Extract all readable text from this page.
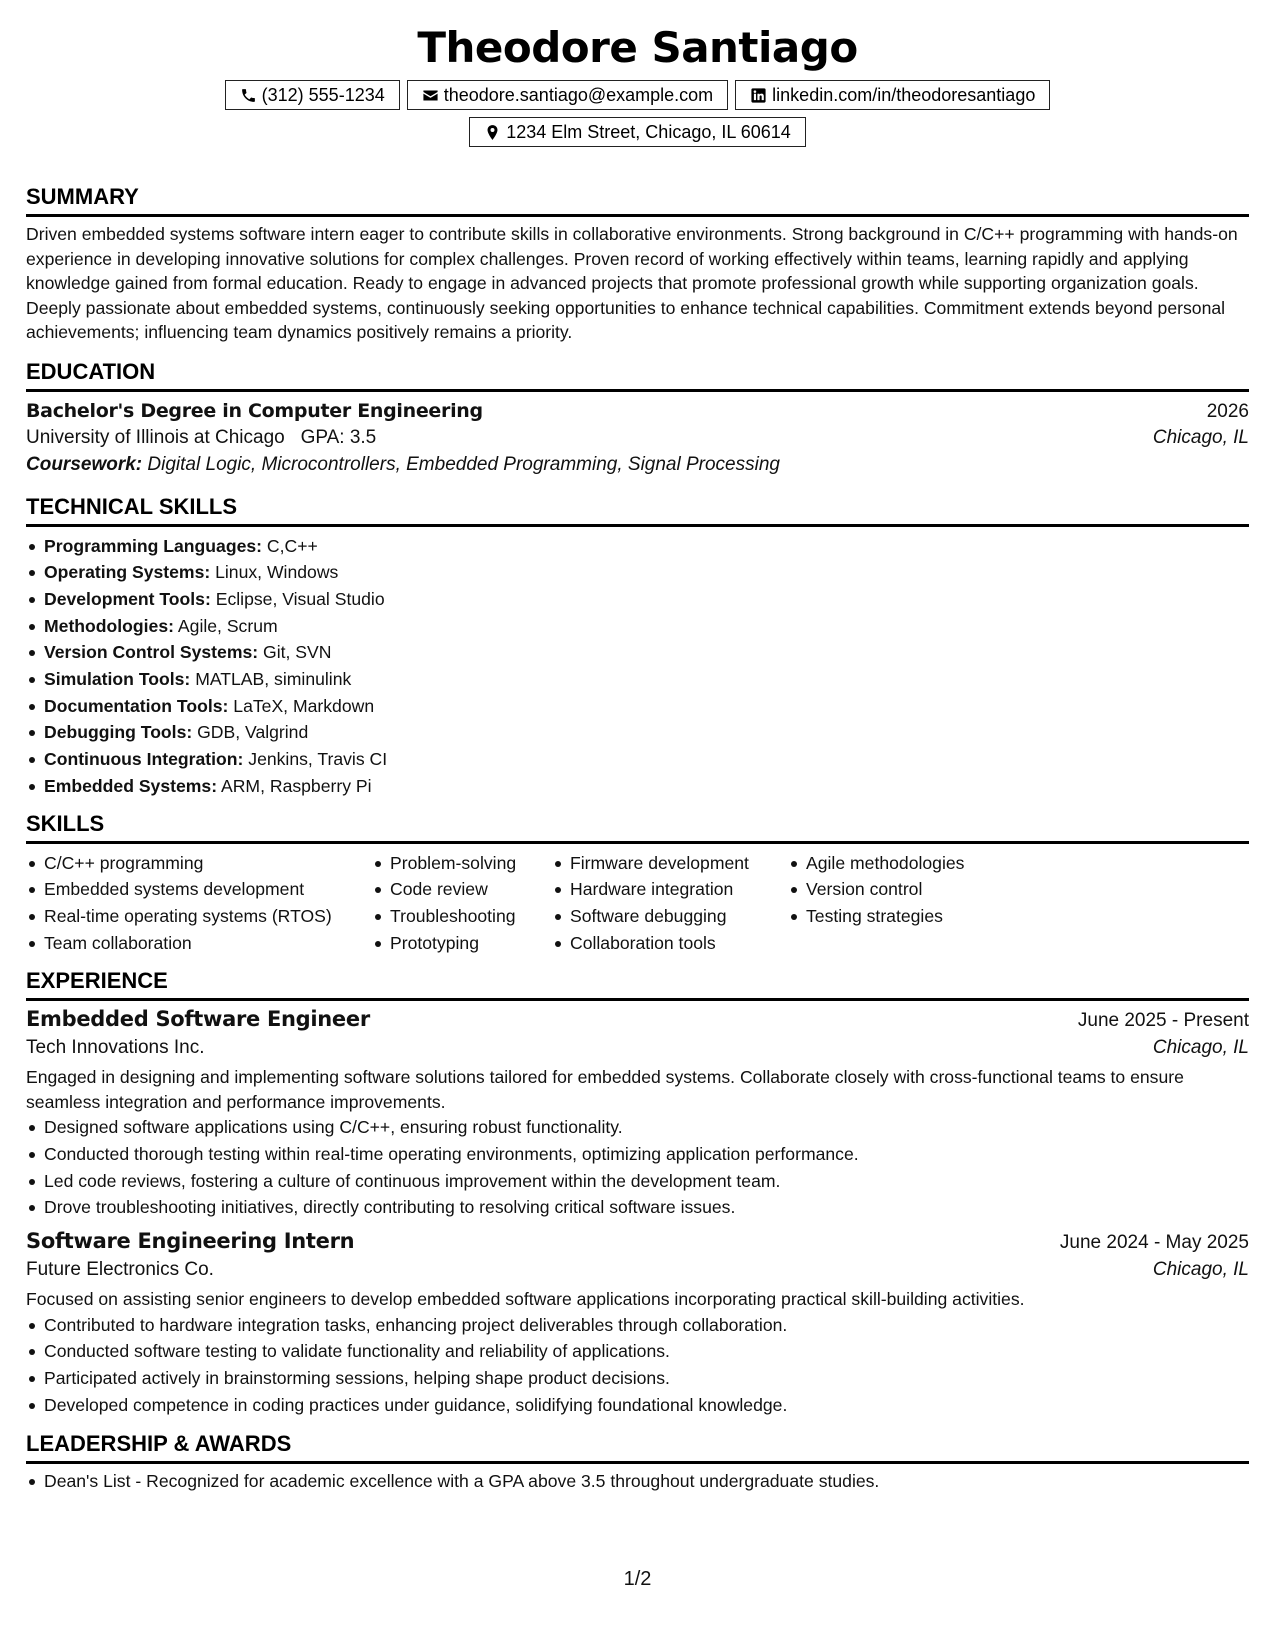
Theodore Santiago
(312) 555-1234	theodore.santiago@example.com	linkedin.com/in/theodoresantiago
1234 Elm Street, Chicago, IL 60614
SUMMARY

Driven embedded systems software intern eager to contribute skills in collaborative environments. Strong background in C/C++ programming with hands-on experience in developing innovative solutions for complex challenges. Proven record of working effectively within teams, learning rapidly and applying knowledge gained from formal education. Ready to engage in advanced projects that promote professional growth while supporting organization goals. Deeply passionate about embedded systems, continuously seeking opportunities to enhance technical capabilities. Commitment extends beyond personal achievements; influencing team dynamics positively remains a priority.

EDUCATION
Bachelor's Degree in Computer Engineering	2026
University of Illinois at Chicago GPA: 3.5	Chicago, IL
Coursework: Digital Logic, Microcontrollers, Embedded Programming, Signal Processing
TECHNICAL SKILLS
Programming Languages: C,C++
Operating Systems: Linux, Windows
Development Tools: Eclipse, Visual Studio
Methodologies: Agile, Scrum
Version Control Systems: Git, SVN
Simulation Tools: MATLAB, siminulink
Documentation Tools: LaTeX, Markdown
Debugging Tools: GDB, Valgrind
Continuous Integration: Jenkins, Travis CI
Embedded Systems: ARM, Raspberry Pi
SKILLS
C/C++ programming
Embedded systems development
Real-time operating systems (RTOS)
Team collaboration
Problem-solving
Code review
Troubleshooting
Prototyping
Firmware development
Hardware integration
Software debugging
Collaboration tools
Agile methodologies
Version control
Testing strategies
EXPERIENCE
Embedded Software Engineer	June 2025 - Present
Tech Innovations Inc.	Chicago, IL

Engaged in designing and implementing software solutions tailored for embedded systems. Collaborate closely with cross-functional teams to ensure seamless integration and performance improvements.

Designed software applications using C/C++, ensuring robust functionality.
Conducted thorough testing within real-time operating environments, optimizing application performance.
Led code reviews, fostering a culture of continuous improvement within the development team.
Drove troubleshooting initiatives, directly contributing to resolving critical software issues.
Software Engineering Intern	June 2024 - May 2025
Future Electronics Co.	Chicago, IL

Focused on assisting senior engineers to develop embedded software applications incorporating practical skill-building activities.

Contributed to hardware integration tasks, enhancing project deliverables through collaboration.
Conducted software testing to validate functionality and reliability of applications.
Participated actively in brainstorming sessions, helping shape product decisions.
Developed competence in coding practices under guidance, solidifying foundational knowledge.
LEADERSHIP & AWARDS
Dean's List - Recognized for academic excellence with a GPA above 3.5 throughout undergraduate studies.
1/2
